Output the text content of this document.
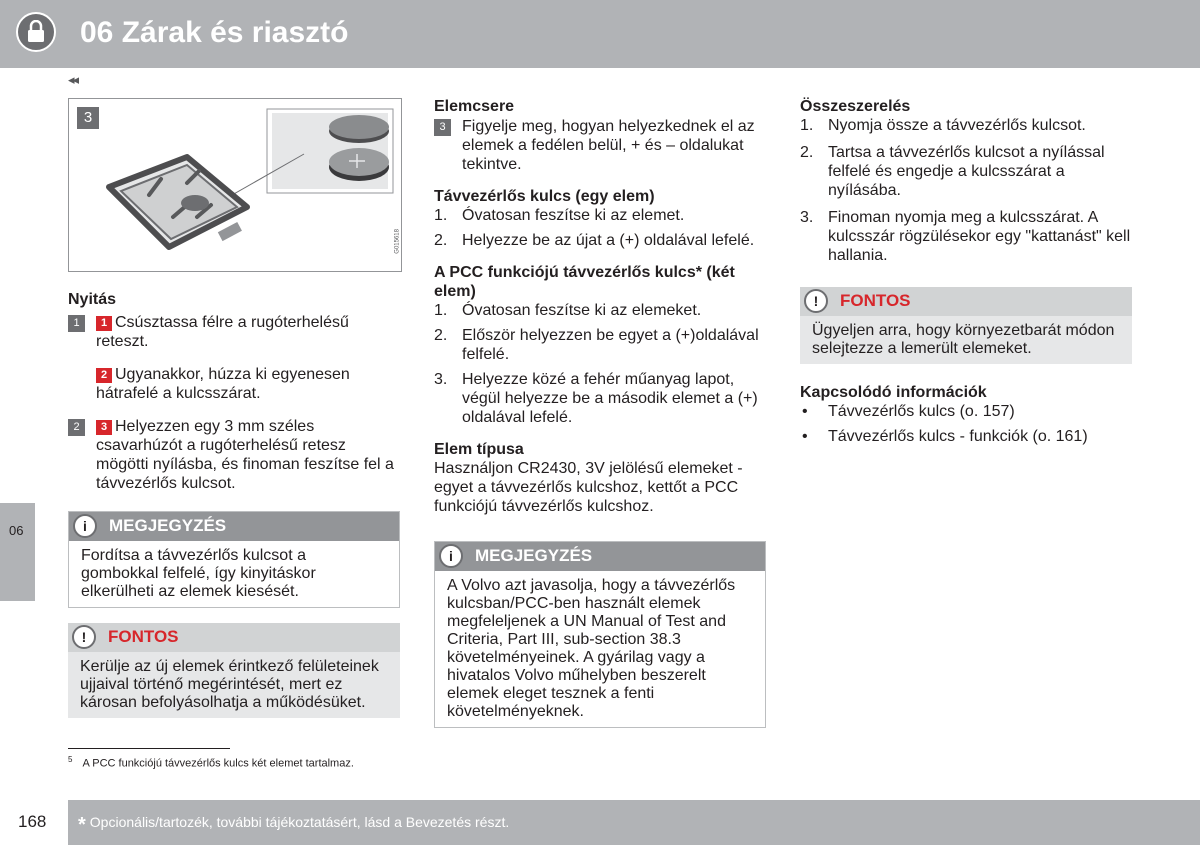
06 Zárak és riasztó
◂◂
06
3
G015618
Nyitás
1	1 Csúsztassa félre a rugóterhelésű reteszt.
2 Ugyanakkor, húzza ki egyenesen hátrafelé a kulcsszárat.
2	3 Helyezzen egy 3 mm széles csavarhúzót a rugóterhelésű retesz mögötti nyílásba, és finoman feszítse fel a távvezérlős kulcsot.
i	MEGJEGYZÉS
Fordítsa a távvezérlős kulcsot a gombokkal felfelé, így kinyitáskor elkerülheti az elemek kiesését.
!	FONTOS
Kerülje az új elemek érintkező felületeinek ujjaival történő megérintését, mert ez károsan befolyásolhatja a működésüket.
Elemcsere
3	Figyelje meg, hogyan helyezkednek el az elemek a fedélen belül, + és – oldalukat tekintve.
Távvezérlős kulcs (egy elem)
1. Óvatosan feszítse ki az elemet.
2. Helyezze be az újat a (+) oldalával lefelé.
A PCC funkciójú távvezérlős kulcs* (két elem)
1. Óvatosan feszítse ki az elemeket.
2. Először helyezzen be egyet a (+)oldalával felfelé.
3. Helyezze közé a fehér műanyag lapot, végül helyezze be a második elemet a (+) oldalával lefelé.
Elem típusa
Használjon CR2430, 3V jelölésű elemeket - egyet a távvezérlős kulcshoz, kettőt a PCC funkciójú távvezérlős kulcshoz.
i	MEGJEGYZÉS
A Volvo azt javasolja, hogy a távvezérlős kulcsban/PCC-ben használt elemek megfeleljenek a UN Manual of Test and Criteria, Part III, sub-section 38.3 követelményeinek. A gyárilag vagy a hivatalos Volvo műhelyben beszerelt elemek eleget tesznek a fenti követelményeknek.
Összeszerelés
1. Nyomja össze a távvezérlős kulcsot.
2. Tartsa a távvezérlős kulcsot a nyílással felfelé és engedje a kulcsszárat a nyílásába.
3. Finoman nyomja meg a kulcsszárat. A kulcsszár rögzülésekor egy "kattanást" kell hallania.
!	FONTOS
Ügyeljen arra, hogy környezetbarát módon selejtezze a lemerült elemeket.
Kapcsolódó információk
• Távvezérlős kulcs (o. 157)
• Távvezérlős kulcs - funkciók (o. 161)
$^5$ A PCC funkciójú távvezérlős kulcs két elemet tartalmaz.
168 * Opcionális/tartozék, további tájékoztatásért, lásd a Bevezetés részt.
